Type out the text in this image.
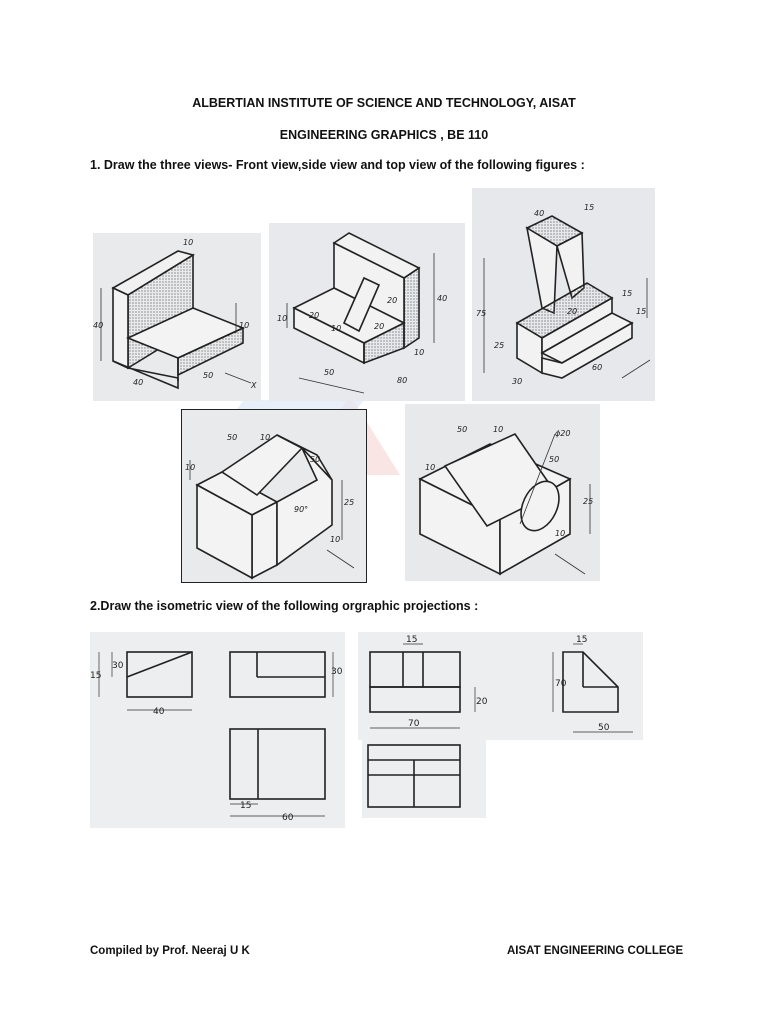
ALBERTIAN INSTITUTE OF SCIENCE AND TECHNOLOGY, AISAT
ENGINEERING GRAPHICS , BE 110
1. Draw the three views- Front view,side view and top view of the following figures :
10
40	10
40
50
X
10	20
10
20
20
40
10
50
80
40
15
75
25
15
15
20
30
60
50	10
10
50
90°
25
10
50	10	ϕ20
10
50
25
10
2.Draw the isometric view of the following orgraphic projections :
15
30
40
30
15
60
15
20
70
15
70
50
Compiled by Prof. Neeraj U K	AISAT ENGINEERING COLLEGE
